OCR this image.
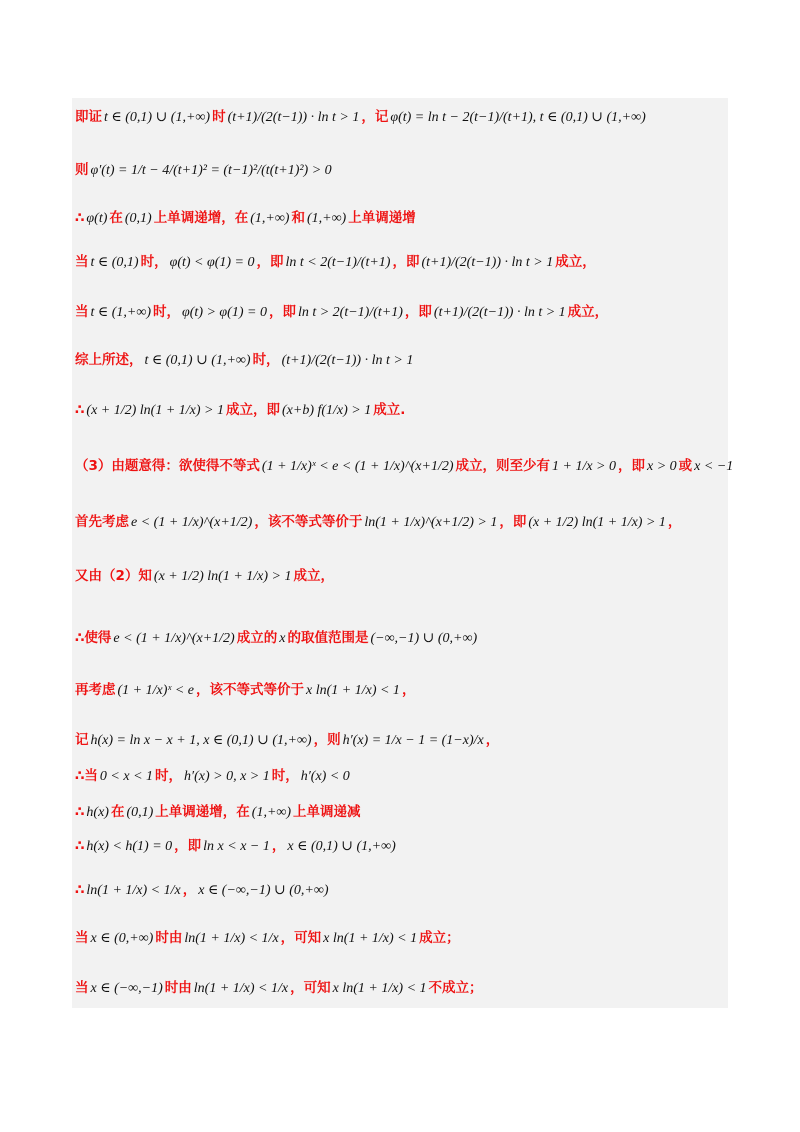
即证 t ∈ (0,1) ∪ (1,+∞) 时 (t+1)/(2(t−1)) · ln t > 1 ，记 φ(t) = ln t − 2(t−1)/(t+1), t ∈ (0,1) ∪ (1,+∞)
则 φ′(t) = 1/t − 4/(t+1)² = (t−1)²/(t(t+1)²) > 0
∴ φ(t) 在 (0,1) 上单调递增，在 (1,+∞) 和 (1,+∞) 上单调递增
当 t ∈ (0,1) 时， φ(t) < φ(1) = 0 ，即 ln t < 2(t−1)/(t+1) ，即 (t+1)/(2(t−1)) · ln t > 1 成立，
当 t ∈ (1,+∞) 时， φ(t) > φ(1) = 0 ，即 ln t > 2(t−1)/(t+1) ，即 (t+1)/(2(t−1)) · ln t > 1 成立，
综上所述， t ∈ (0,1) ∪ (1,+∞) 时， (t+1)/(2(t−1)) · ln t > 1
∴ (x + 1/2) ln(1 + 1/x) > 1 成立，即 (x+b) f(1/x) > 1 成立.
（3）由题意得：欲使得不等式 (1 + 1/x)ˣ < e < (1 + 1/x)^(x+1/2) 成立，则至少有 1 + 1/x > 0 ，即 x > 0 或 x < −1
首先考虑 e < (1 + 1/x)^(x+1/2) ，该不等式等价于 ln(1 + 1/x)^(x+1/2) > 1 ，即 (x + 1/2) ln(1 + 1/x) > 1 ，
又由（2）知 (x + 1/2) ln(1 + 1/x) > 1 成立，
∴使得 e < (1 + 1/x)^(x+1/2) 成立的 x 的取值范围是 (−∞,−1) ∪ (0,+∞)
再考虑 (1 + 1/x)ˣ < e ，该不等式等价于 x ln(1 + 1/x) < 1 ，
记 h(x) = ln x − x + 1, x ∈ (0,1) ∪ (1,+∞) ，则 h′(x) = 1/x − 1 = (1−x)/x ，
∴当 0 < x < 1 时， h′(x) > 0, x > 1 时， h′(x) < 0
∴ h(x) 在 (0,1) 上单调递增，在 (1,+∞) 上单调递减
∴ h(x) < h(1) = 0 ，即 ln x < x − 1 ， x ∈ (0,1) ∪ (1,+∞)
∴ ln(1 + 1/x) < 1/x ， x ∈ (−∞,−1) ∪ (0,+∞)
当 x ∈ (0,+∞) 时由 ln(1 + 1/x) < 1/x ，可知 x ln(1 + 1/x) < 1 成立；
当 x ∈ (−∞,−1) 时由 ln(1 + 1/x) < 1/x ，可知 x ln(1 + 1/x) < 1 不成立；
